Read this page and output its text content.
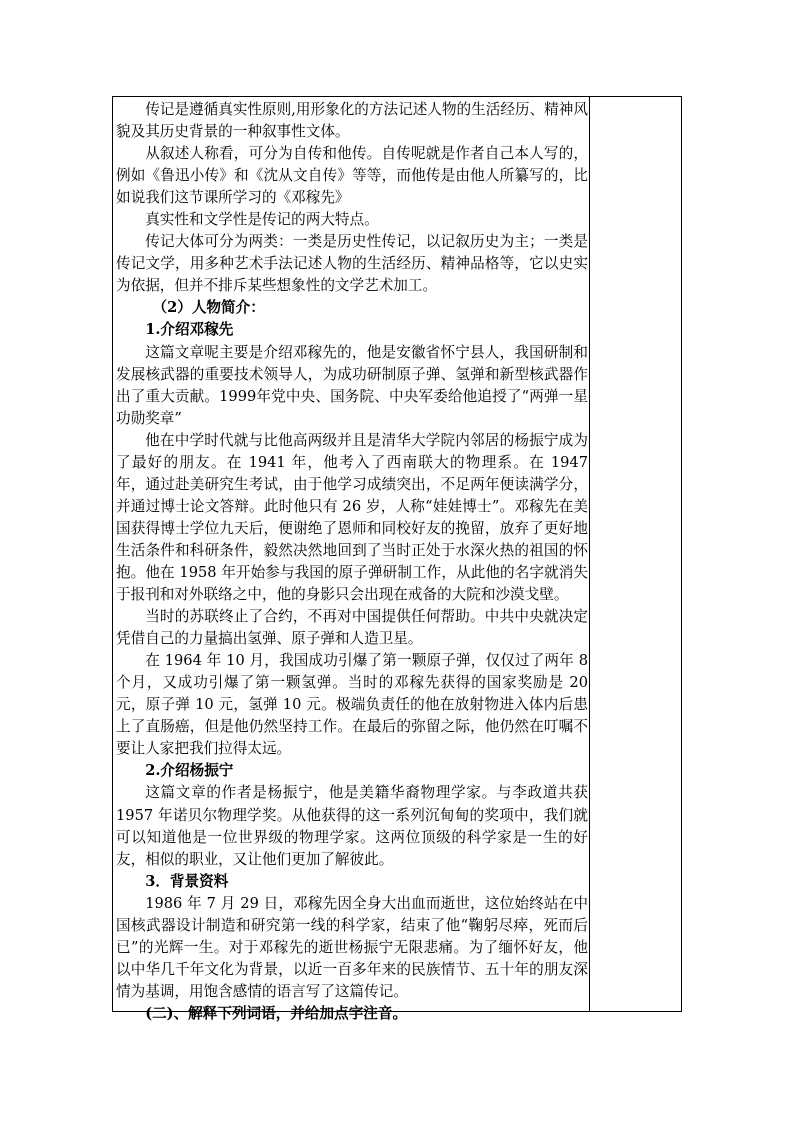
传记是遵循真实性原则,用形象化的方法记述人物的生活经历、精神风貌及其历史背景的一种叙事性文体。

从叙述人称看，可分为自传和他传。自传呢就是作者自己本人写的，例如《鲁迅小传》和《沈从文自传》等等，而他传是由他人所纂写的，比如说我们这节课所学习的《邓稼先》

真实性和文学性是传记的两大特点。

传记大体可分为两类：一类是历史性传记，以记叙历史为主；一类是传记文学，用多种艺术手法记述人物的生活经历、精神品格等，它以史实为依据，但并不排斥某些想象性的文学艺术加工。

（2）人物简介：

1.介绍邓稼先

这篇文章呢主要是介绍邓稼先的，他是安徽省怀宁县人，我国研制和发展核武器的重要技术领导人，为成功研制原子弹、氢弹和新型核武器作出了重大贡献。1999年党中央、国务院、中央军委给他追授了“两弹一星功勋奖章”

他在中学时代就与比他高两级并且是清华大学院内邻居的杨振宁成为了最好的朋友。在 1941 年，他考入了西南联大的物理系。在 1947 年，通过赴美研究生考试，由于他学习成绩突出，不足两年便读满学分，并通过博士论文答辩。此时他只有 26 岁，人称“娃娃博士”。邓稼先在美国获得博士学位九天后，便谢绝了恩师和同校好友的挽留，放弃了更好地生活条件和科研条件，毅然决然地回到了当时正处于水深火热的祖国的怀抱。他在 1958 年开始参与我国的原子弹研制工作，从此他的名字就消失于报刊和对外联络之中，他的身影只会出现在戒备的大院和沙漠戈壁。

当时的苏联终止了合约，不再对中国提供任何帮助。中共中央就决定凭借自己的力量搞出氢弹、原子弹和人造卫星。

在 1964 年 10 月，我国成功引爆了第一颗原子弹，仅仅过了两年 8 个月，又成功引爆了第一颗氢弹。当时的邓稼先获得的国家奖励是 20 元，原子弹 10 元，氢弹 10 元。极端负责任的他在放射物进入体内后患上了直肠癌，但是他仍然坚持工作。在最后的弥留之际，他仍然在叮嘱不要让人家把我们拉得太远。

2.介绍杨振宁

这篇文章的作者是杨振宁，他是美籍华裔物理学家。与李政道共获 1957 年诺贝尔物理学奖。从他获得的这一系列沉甸甸的奖项中，我们就可以知道他是一位世界级的物理学家。这两位顶级的科学家是一生的好友，相似的职业，又让他们更加了解彼此。

3．背景资料

1986 年 7 月 29 日，邓稼先因全身大出血而逝世，这位始终站在中国核武器设计制造和研究第一线的科学家，结束了他“鞠躬尽瘁，死而后已”的光辉一生。对于邓稼先的逝世杨振宁无限悲痛。为了缅怀好友，他以中华几千年文化为背景，以近一百多年来的民族情节、五十年的朋友深情为基调，用饱含感情的语言写了这篇传记。

(二)、解释下列词语，并给加点字注音。
